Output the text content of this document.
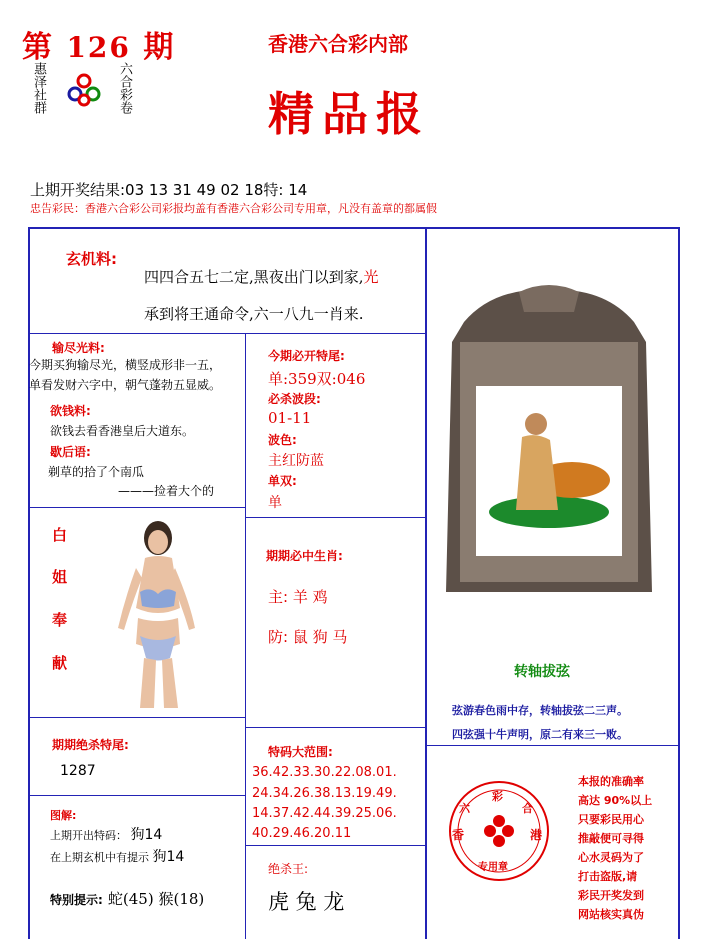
第 126 期
惠泽社群	六合彩卷
香港六合彩内部
精品报
上期开奖结果:03 13 31 49 02 18特: 14
忠告彩民：香港六合彩公司彩报均盖有香港六合彩公司专用章，凡没有盖章的都属假
玄机料:
四四合五七二定,黑夜出门以到家,光
承到将王通命令,六一八九一肖来.
输尽光料:
今期买狗输尽光，横竖成形非一五，
单看发财六字中，朝气蓬勃五显威。
欲钱料:
欲钱去看香港皇后大道东。
歇后语:
剃草的拾了个南瓜
———捡着大个的
今期必开特尾:
单:359双:046
必杀波段:
01-11
波色:
主红防蓝
单双:
单
白
姐
奉
献
期期必中生肖:
主: 羊 鸡
防: 鼠 狗 马
转轴拔弦
弦游春色雨中存，转轴拔弦二三声。
四弦强十牛声明，原二有来三一败。
期期绝杀特尾:
1287
特码大范围:
36.42.33.30.22.08.01.
24.34.26.38.13.19.49.
14.37.42.44.39.25.06.
40.29.46.20.11
图解:
上期开出特码： 狗14
在上期玄机中有提示 狗14
特别提示: 蛇(45) 猴(18)
绝杀王:
虎 兔 龙
六
彩
合
香	港
专用章
本报的准确率
高达 90%以上
只要彩民用心
推敲便可寻得
心水灵码为了
打击盗版,请
彩民开奖发到
网站核实真伪
